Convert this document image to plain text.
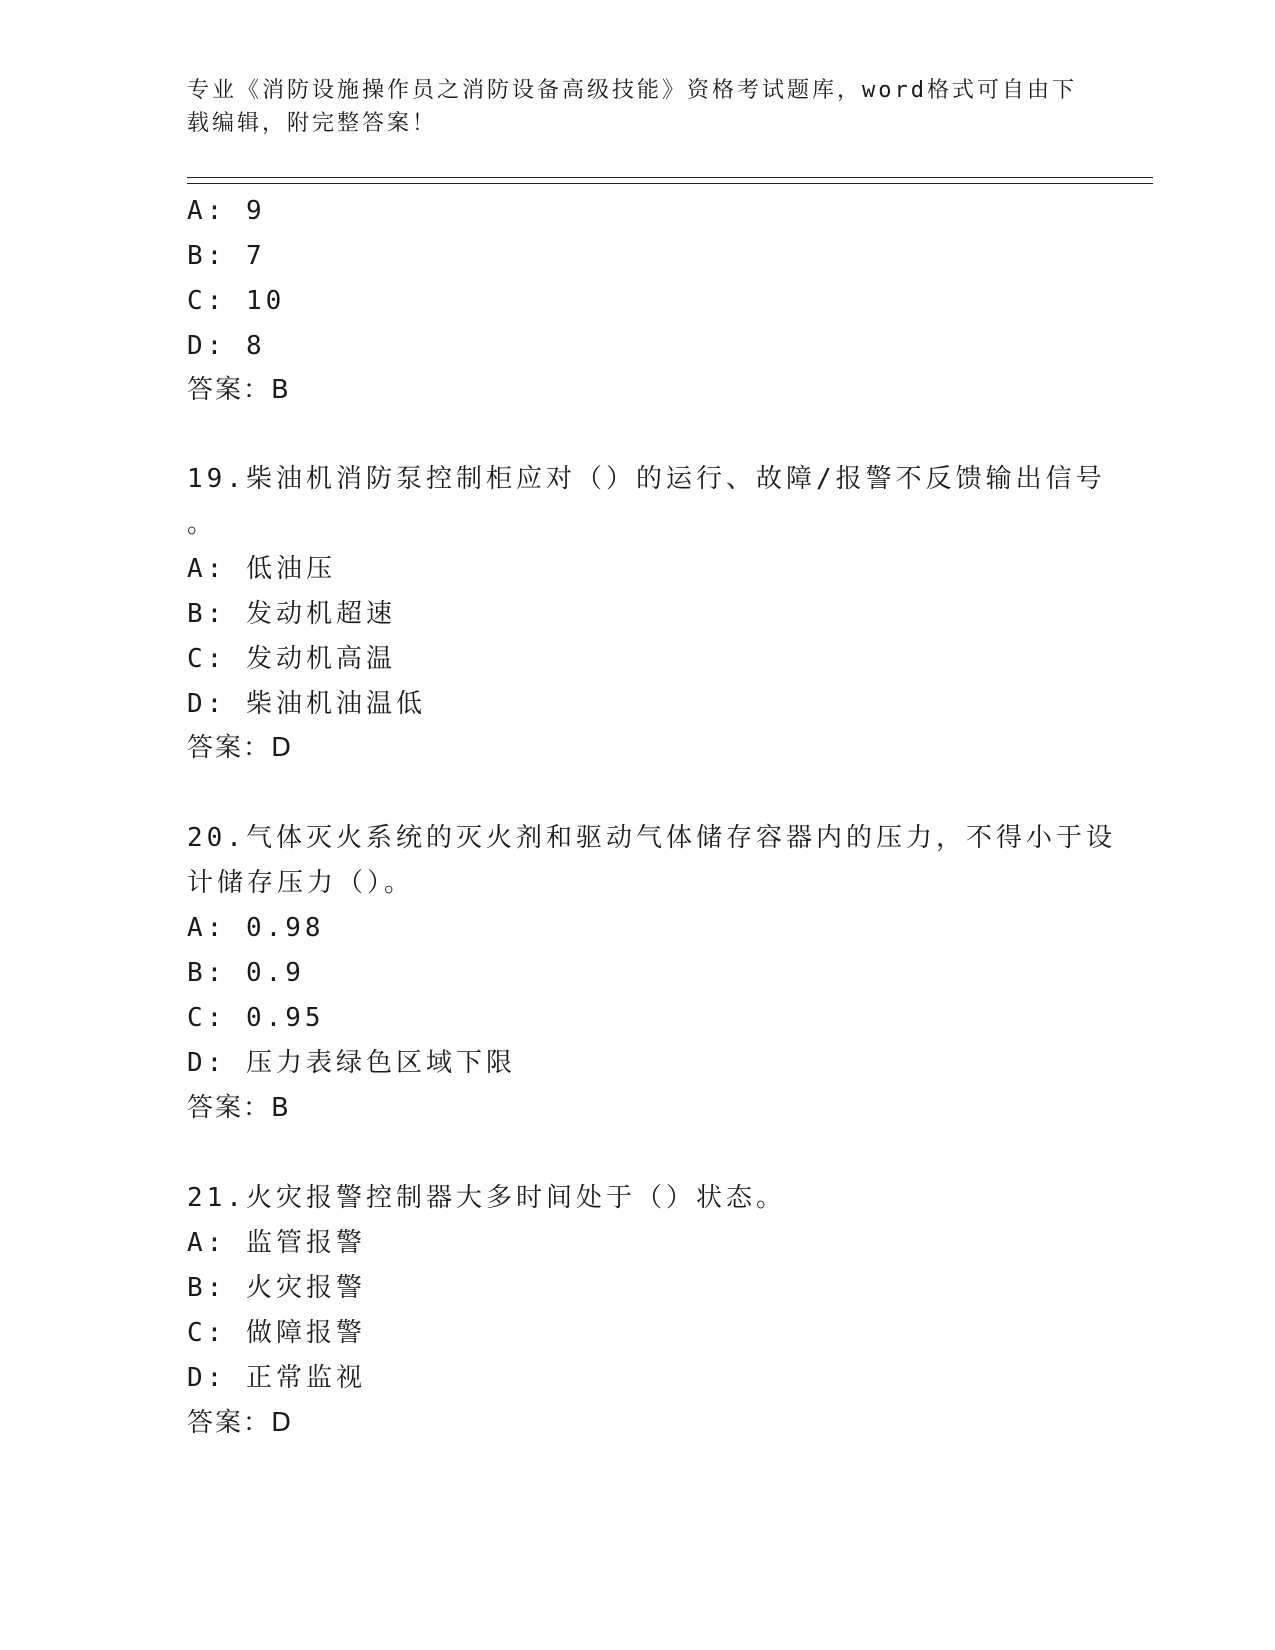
专业《消防设施操作员之消防设备高级技能》资格考试题库，word格式可自由下
载编辑，附完整答案！
A: 9
B: 7
C: 10
D: 8
答案：B
19.柴油机消防泵控制柜应对（）的运行、故障/报警不反馈输出信号
。
A: 低油压
B: 发动机超速
C: 发动机高温
D: 柴油机油温低
答案：D
20.气体灭火系统的灭火剂和驱动气体储存容器内的压力，不得小于设
计储存压力（）。
A: 0.98
B: 0.9
C: 0.95
D: 压力表绿色区域下限
答案：B
21.火灾报警控制器大多时间处于（）状态。
A: 监管报警
B: 火灾报警
C: 做障报警
D: 正常监视
答案：D
